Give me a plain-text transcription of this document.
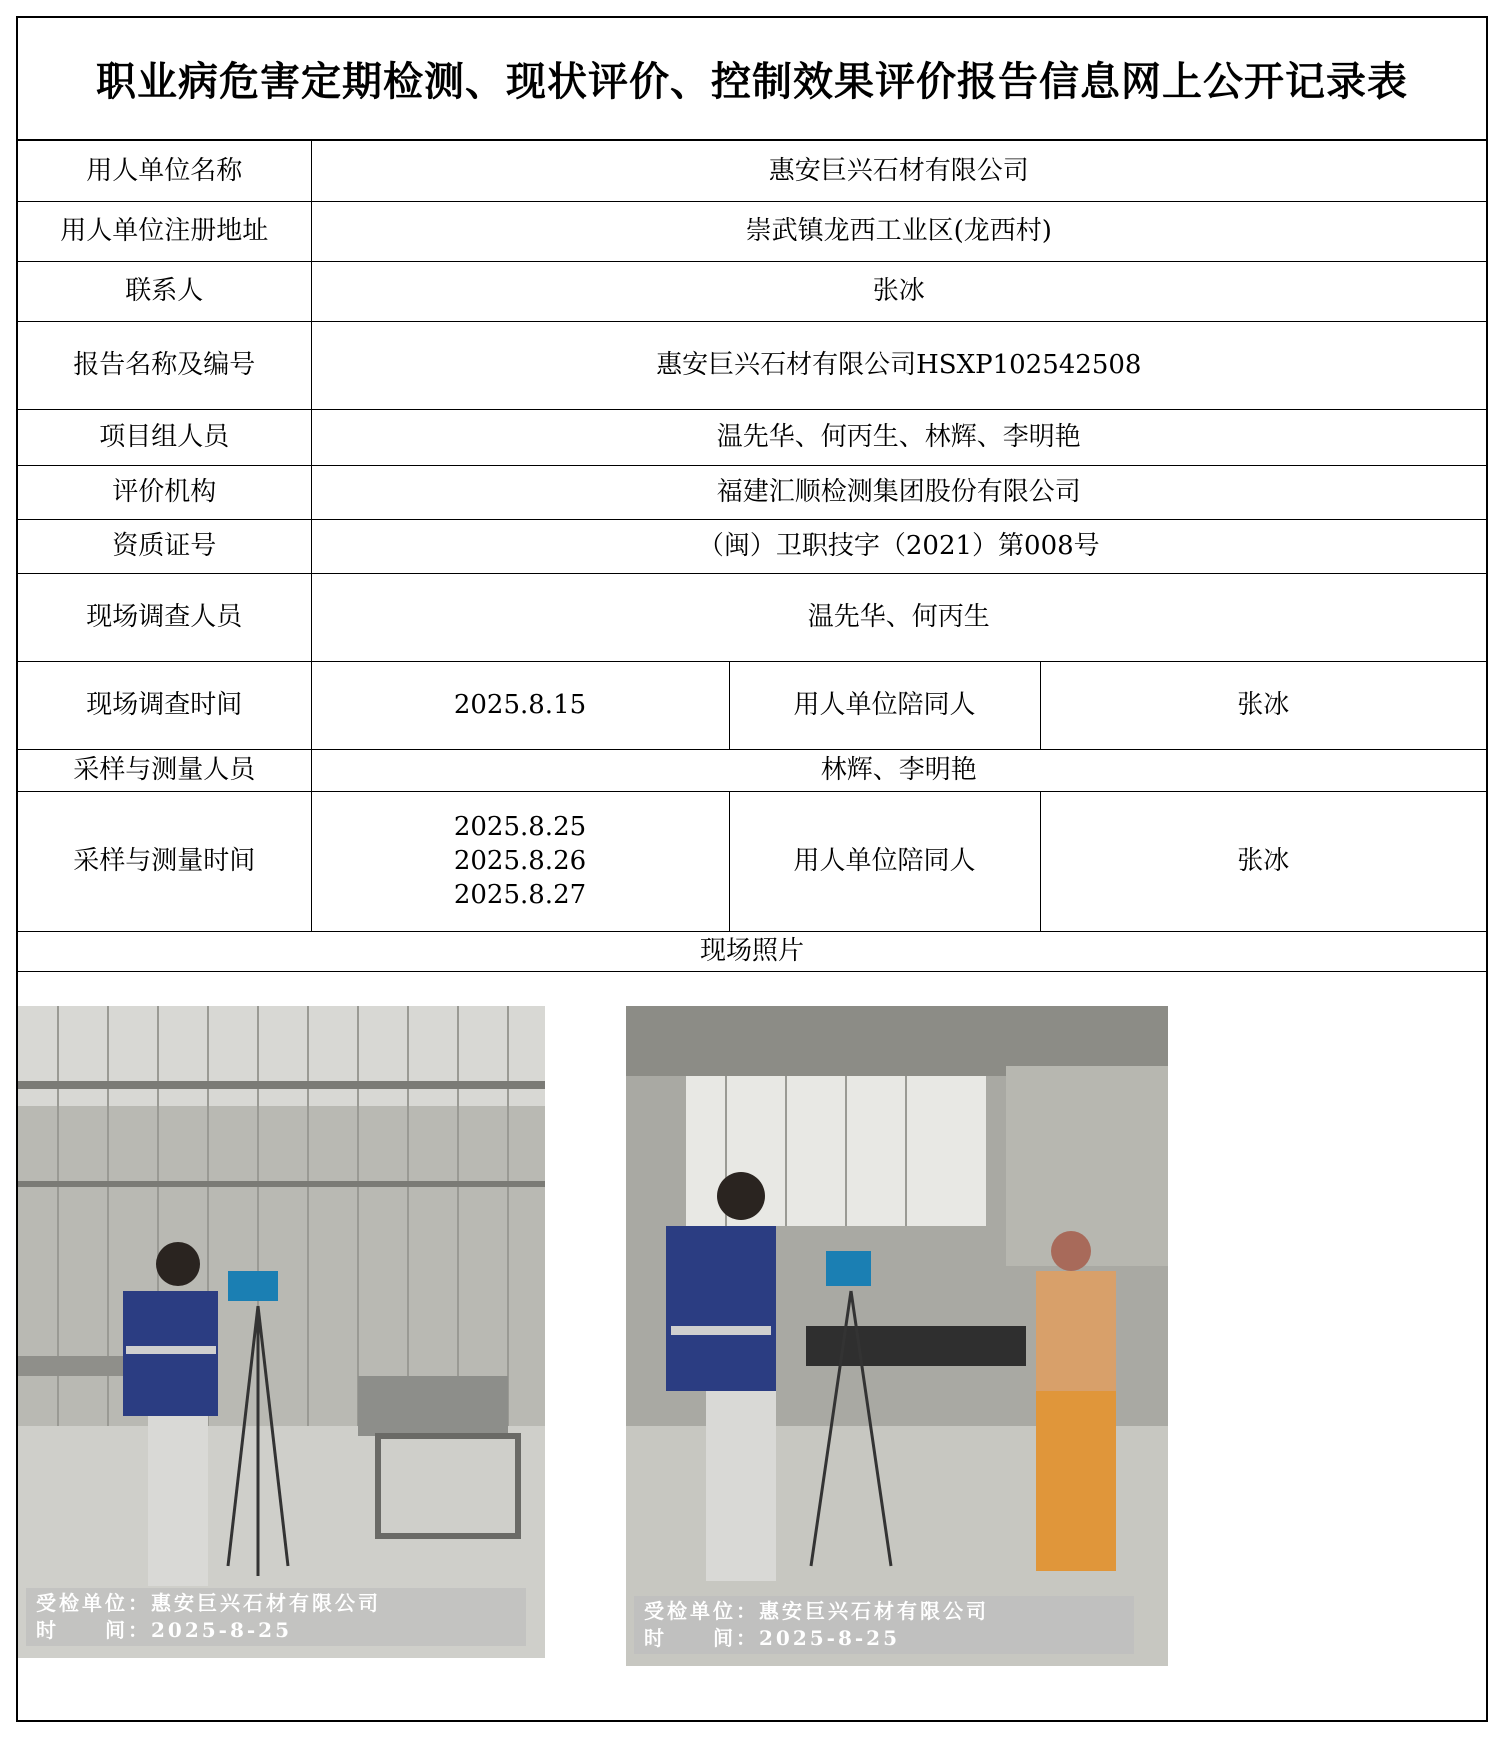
职业病危害定期检测、现状评价、控制效果评价报告信息网上公开记录表
用人单位名称	惠安巨兴石材有限公司		
用人单位注册地址	崇武镇龙西工业区(龙西村)		
联系人	张冰		
报告名称及编号	惠安巨兴石材有限公司HSXP102542508		
项目组人员	温先华、何丙生、林辉、李明艳		
评价机构	福建汇顺检测集团股份有限公司		
资质证号	（闽）卫职技字（2021）第008号		
现场调查人员	温先华、何丙生		
现场调查时间	2025.8.15	用人单位陪同人	张冰
采样与测量人员	林辉、李明艳		
采样与测量时间	2025.8.25
2025.8.26
2025.8.27	用人单位陪同人	张冰
现场照片			
受检单位：惠安巨兴石材有限公司
时　　间：2025-8-25
受检单位：惠安巨兴石材有限公司
时　　间：2025-8-25
